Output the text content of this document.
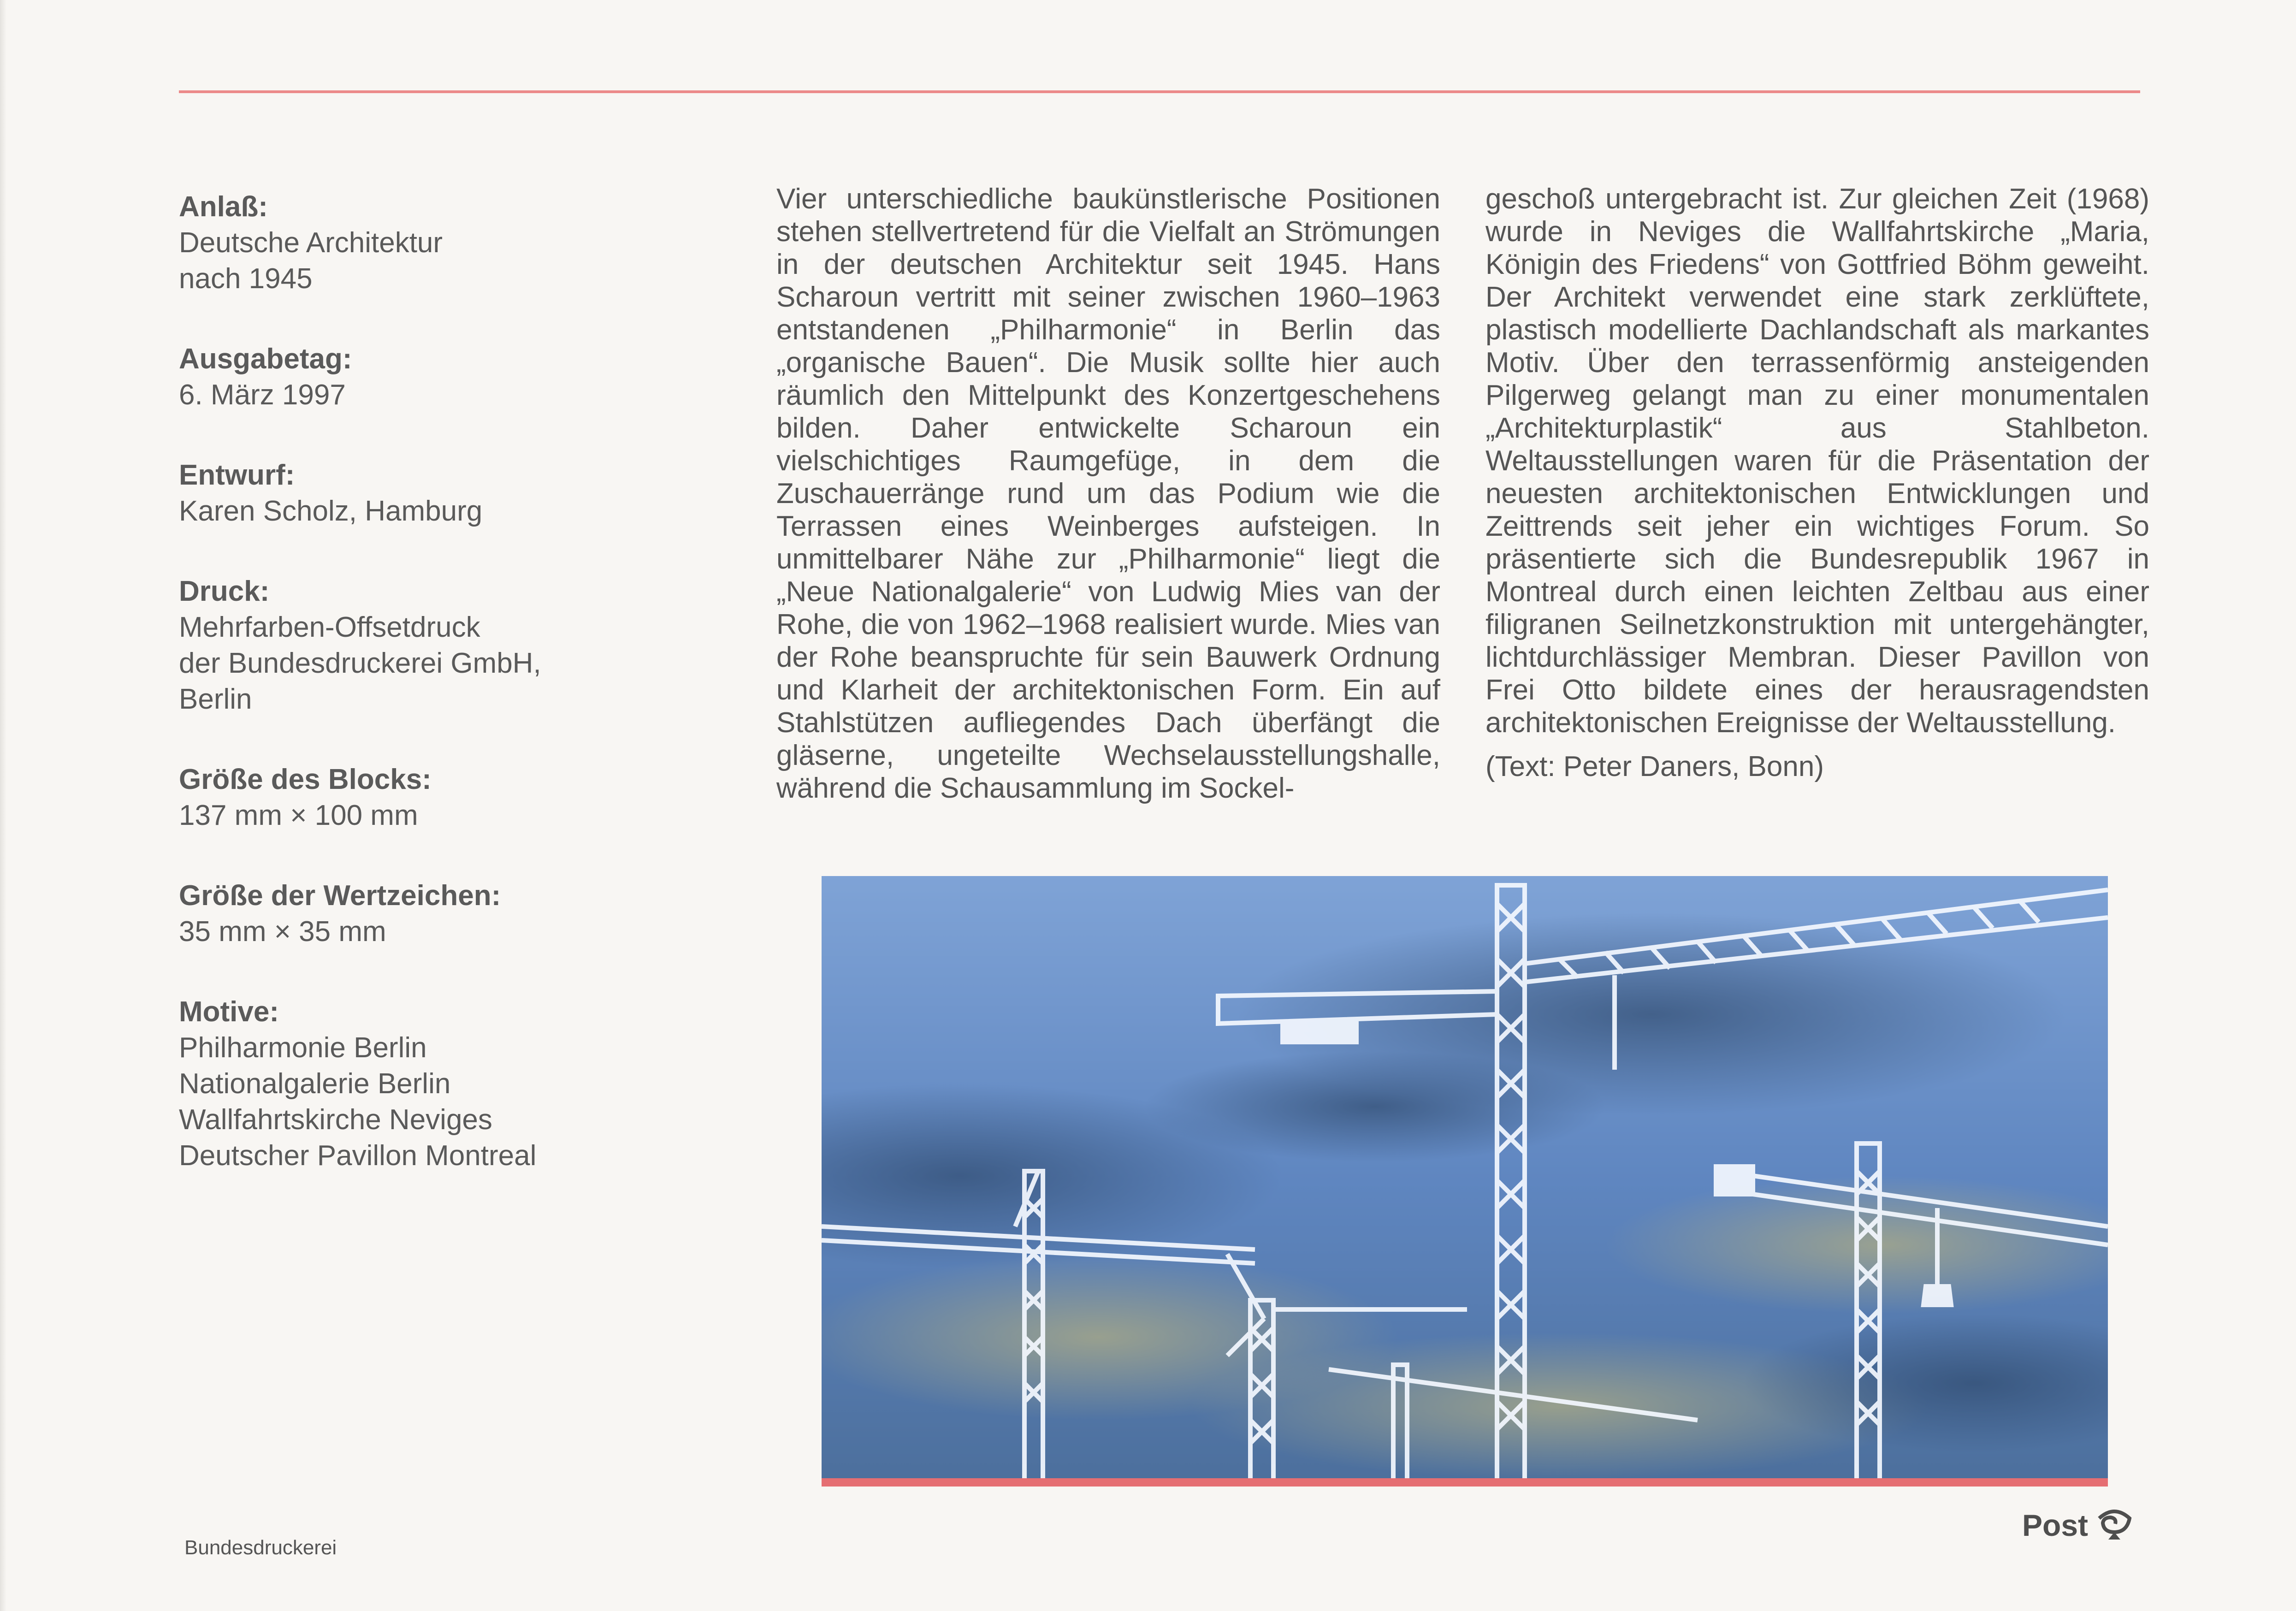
Anlaß:
Deutsche Architektur
nach 1945
Ausgabetag:
6. März 1997
Entwurf:
Karen Scholz, Hamburg
Druck:
Mehrfarben-Offsetdruck
der Bundesdruckerei GmbH,
Berlin
Größe des Blocks:
137 mm × 100 mm
Größe der Wertzeichen:
35 mm × 35 mm
Motive:
Philharmonie Berlin
Nationalgalerie Berlin
Wallfahrtskirche Neviges
Deutscher Pavillon Montreal

Vier unterschiedliche baukünstlerische Positionen stehen stellvertretend für die Vielfalt an Strömungen in der deutschen Architektur seit 1945. Hans Scharoun vertritt mit seiner zwischen 1960–1963 entstandenen „Philharmonie“ in Berlin das „organische Bauen“. Die Musik sollte hier auch räumlich den Mittelpunkt des Konzertgeschehens bilden. Daher entwickelte Scharoun ein vielschichtiges Raumgefüge, in dem die Zuschauerränge rund um das Podium wie die Terrassen eines Weinberges aufsteigen. In unmittelbarer Nähe zur „Philharmonie“ liegt die „Neue Nationalgalerie“ von Ludwig Mies van der Rohe, die von 1962–1968 realisiert wurde. Mies van der Rohe beanspruchte für sein Bauwerk Ordnung und Klarheit der architektonischen Form. Ein auf Stahlstützen aufliegendes Dach überfängt die gläserne, ungeteilte Wechselausstellungshalle, während die Schausammlung im Sockel-

geschoß untergebracht ist. Zur gleichen Zeit (1968) wurde in Neviges die Wallfahrtskirche „Maria, Königin des Friedens“ von Gottfried Böhm geweiht. Der Architekt verwendet eine stark zerklüftete, plastisch modellierte Dachlandschaft als markantes Motiv. Über den terrassenförmig ansteigenden Pilgerweg gelangt man zu einer monumentalen „Architekturplastik“ aus Stahlbeton. Weltausstellungen waren für die Präsentation der neuesten architektonischen Entwicklungen und Zeittrends seit jeher ein wichtiges Forum. So präsentierte sich die Bundesrepublik 1967 in Montreal durch einen leichten Zeltbau aus einer filigranen Seilnetzkonstruktion mit untergehängter, lichtdurchlässiger Membran. Dieser Pavillon von Frei Otto bildete eines der herausragendsten architektonischen Ereignisse der Weltausstellung.

(Text: Peter Daners, Bonn)

Bundesdruckerei
Post
